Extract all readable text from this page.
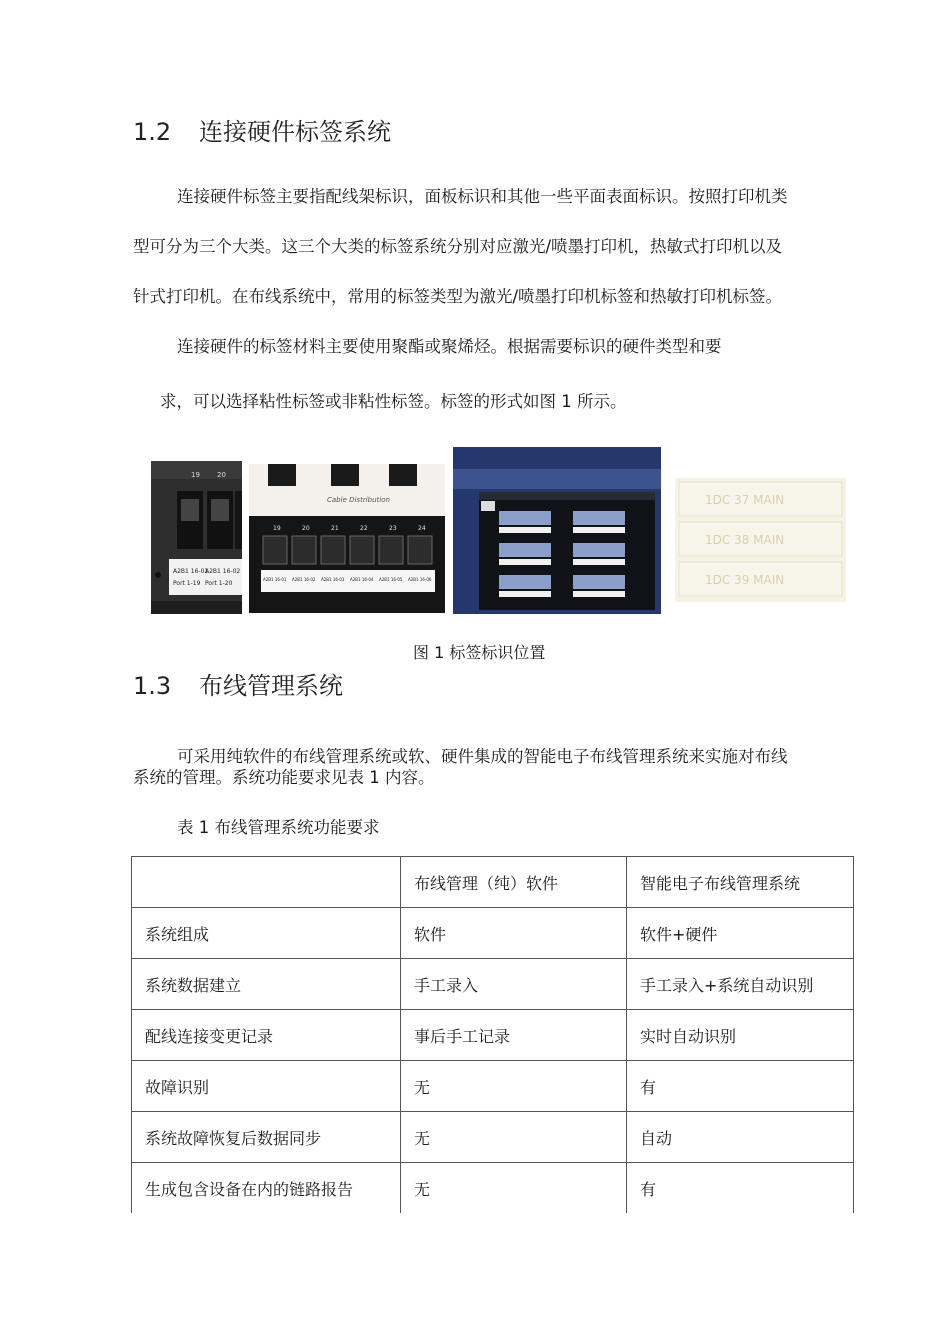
1.2 连接硬件标签系统
连接硬件标签主要指配线架标识，面板标识和其他一些平面表面标识。按照打印机类
型可分为三个大类。这三个大类的标签系统分别对应激光/喷墨打印机，热敏式打印机以及
针式打印机。在布线系统中，常用的标签类型为激光/喷墨打印机标签和热敏打印机标签。
连接硬件的标签材料主要使用聚酯或聚烯烃。根据需要标识的硬件类型和要
求，可以选择粘性标签或非粘性标签。标签的形式如图 1 所示。
19 20
A2B1 16-01
Port 1-19
A2B1 16-02
Port 1-20
Cable Distribution
19	20	21	22	23	24
A2B1 16-01 A2B1 16-02 A2B1 16-03 A2B1 16-04 A2B1 16-05 A2B1 16-06
1DC 37 MAIN
1DC 38 MAIN
1DC 39 MAIN
图 1 标签标识位置
1.3 布线管理系统
可采用纯软件的布线管理系统或软、硬件集成的智能电子布线管理系统来实施对布线
系统的管理。系统功能要求见表 1 内容。
表 1 布线管理系统功能要求
	布线管理（纯）软件	智能电子布线管理系统
系统组成	软件	软件+硬件
系统数据建立	手工录入	手工录入+系统自动识别
配线连接变更记录	事后手工记录	实时自动识别
故障识别	无	有
系统故障恢复后数据同步	无	自动
生成包含设备在内的链路报告	无	有
